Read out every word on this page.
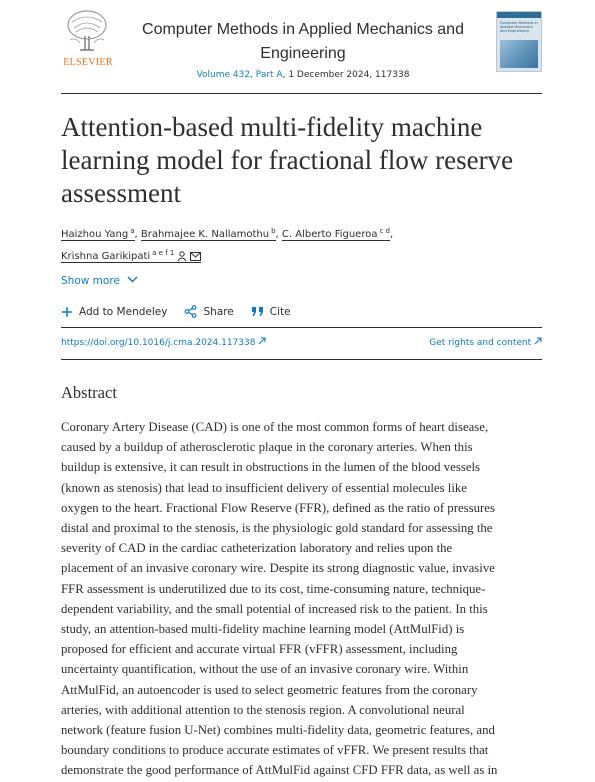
ELSEVIER
Computer Methods in Applied Mechanics and Engineering
Volume 432, Part A, 1 December 2024, 117338
Computer Methods in Applied Mechanics and Engineering
Attention-based multi-fidelity machine learning model for fractional flow reserve assessment
Haizhou Yang $^a$, Brahmajee K. Nallamothu $^b$, C. Alberto Figueroa $^{c d}$,
Krishna Garikipati $^{a e f 1}$
Show more
Add to Mendeley	Share	Cite
https://doi.org/10.1016/j.cma.2024.117338	Get rights and content
Abstract
Coronary Artery Disease (CAD) is one of the most common forms of heart disease,
caused by a buildup of atherosclerotic plaque in the coronary arteries. When this
buildup is extensive, it can result in obstructions in the lumen of the blood vessels
(known as stenosis) that lead to insufficient delivery of essential molecules like
oxygen to the heart. Fractional Flow Reserve (FFR), defined as the ratio of pressures
distal and proximal to the stenosis, is the physiologic gold standard for assessing the
severity of CAD in the cardiac catheterization laboratory and relies upon the
placement of an invasive coronary wire. Despite its strong diagnostic value, invasive
FFR assessment is underutilized due to its cost, time-consuming nature, technique-
dependent variability, and the small potential of increased risk to the patient. In this
study, an attention-based multi-fidelity machine learning model (AttMulFid) is
proposed for efficient and accurate virtual FFR (vFFR) assessment, including
uncertainty quantification, without the use of an invasive coronary wire. Within
AttMulFid, an autoencoder is used to select geometric features from the coronary
arteries, with additional attention to the stenosis region. A convolutional neural
network (feature fusion U-Net) combines multi-fidelity data, geometric features, and
boundary conditions to produce accurate estimates of vFFR. We present results that
demonstrate the good performance of AttMulFid against CFD FFR data, as well as in
